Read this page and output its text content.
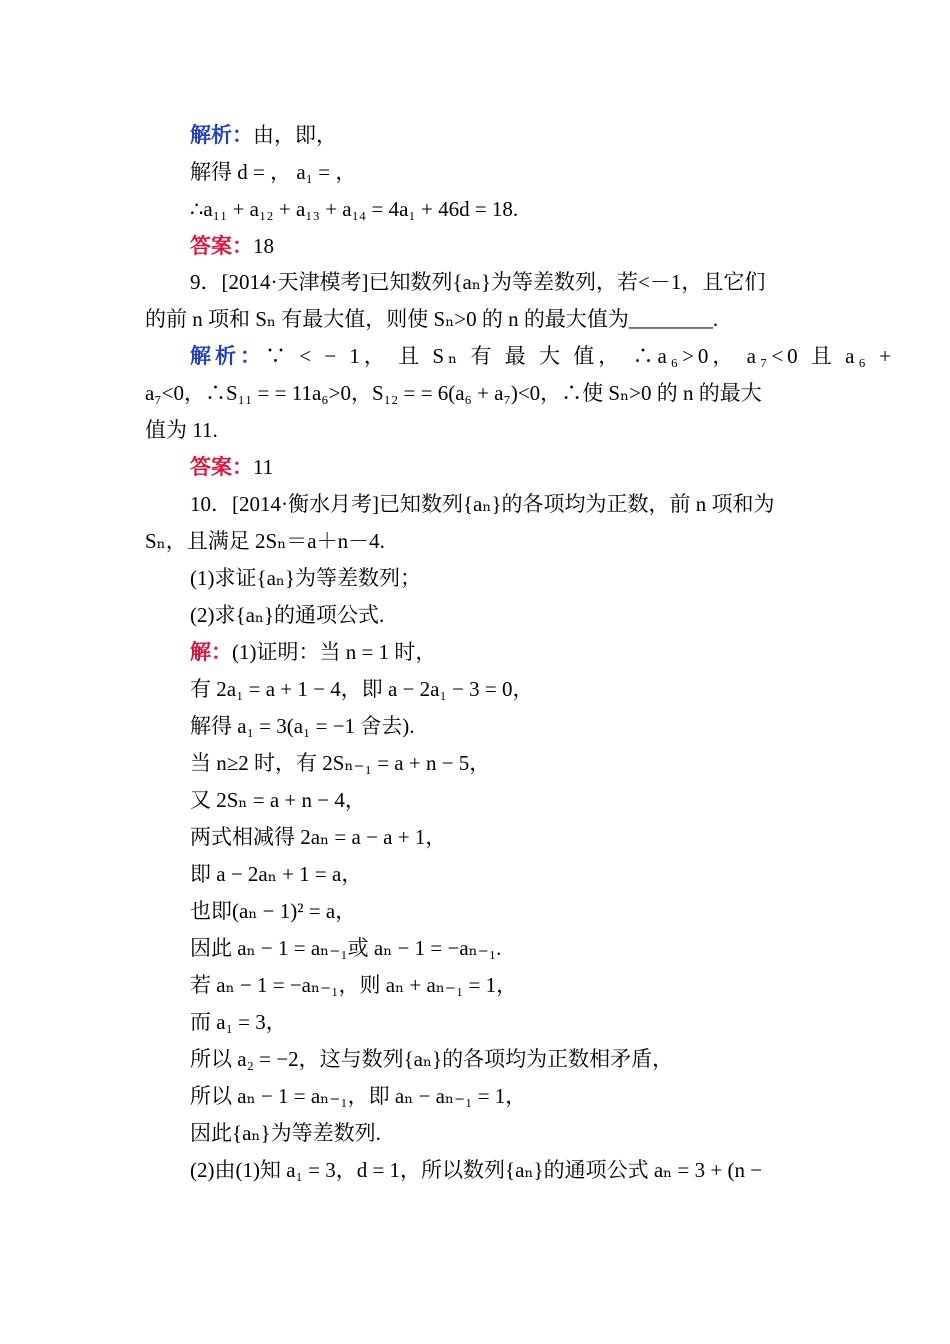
解析：由，即，
解得 d = ， a₁ = ，
∴a₁₁ + a₁₂ + a₁₃ + a₁₄ = 4a₁ + 46d = 18.
答案：18
9．[2014·天津模考]已知数列{aₙ}为等差数列，若<－1，且它们
的前 n 项和 Sₙ 有最大值，则使 Sₙ>0 的 n 的最大值为________.
解析：∵ < − 1， 且 Sₙ 有 最 大 值， ∴a₆>0， a₇<0 且 a₆ +
a₇<0，∴S₁₁ = = 11a₆>0，S₁₂ = = 6(a₆ + a₇)<0，∴使 Sₙ>0 的 n 的最大
值为 11.
答案：11
10．[2014·衡水月考]已知数列{aₙ}的各项均为正数，前 n 项和为
Sₙ，且满足 2Sₙ＝a＋n－4.
(1)求证{aₙ}为等差数列；
(2)求{aₙ}的通项公式.
解：(1)证明：当 n = 1 时，
有 2a₁ = a + 1 − 4，即 a − 2a₁ − 3 = 0，
解得 a₁ = 3(a₁ = −1 舍去).
当 n≥2 时，有 2Sₙ₋₁ = a + n − 5，
又 2Sₙ = a + n − 4，
两式相减得 2aₙ = a − a + 1，
即 a − 2aₙ + 1 = a，
也即(aₙ − 1)² = a，
因此 aₙ − 1 = aₙ₋₁或 aₙ − 1 = −aₙ₋₁.
若 aₙ − 1 = −aₙ₋₁，则 aₙ + aₙ₋₁ = 1，
而 a₁ = 3，
所以 a₂ = −2，这与数列{aₙ}的各项均为正数相矛盾，
所以 aₙ − 1 = aₙ₋₁，即 aₙ − aₙ₋₁ = 1，
因此{aₙ}为等差数列.
(2)由(1)知 a₁ = 3，d = 1，所以数列{aₙ}的通项公式 aₙ = 3 + (n −
